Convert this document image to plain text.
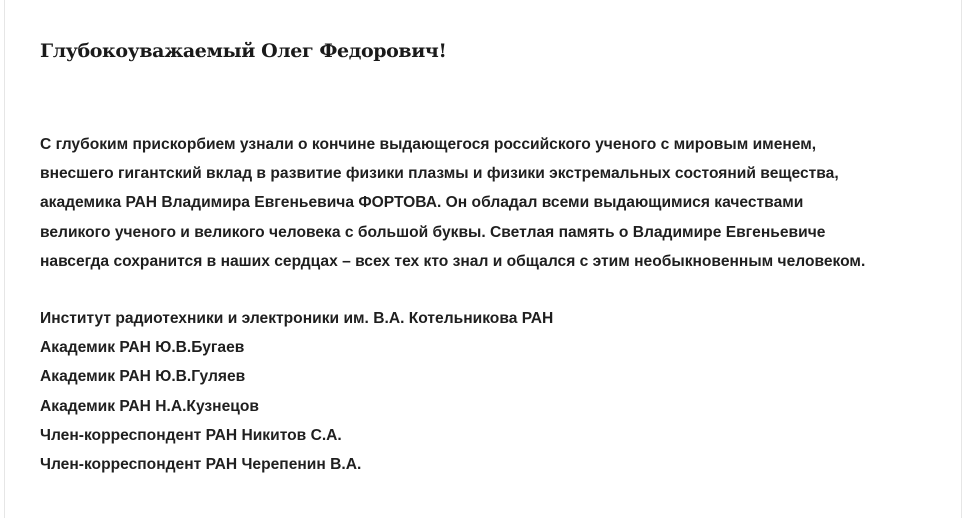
Глубокоуважаемый Олег Федорович!

С глубоким прискорбием узнали о кончине выдающегося российского ученого с мировым именем,
внесшего гигантский вклад в развитие физики плазмы и физики экстремальных состояний вещества,
академика РАН Владимира Евгеньевича ФОРТОВА. Он обладал всеми выдающимися качествами
великого ученого и великого человека с большой буквы. Светлая память о Владимире Евгеньевиче
навсегда сохранится в наших сердцах – всех тех кто знал и общался с этим необыкновенным человеком.

Институт радиотехники и электроники им. В.А. Котельникова РАН
Академик РАН Ю.В.Бугаев
Академик РАН Ю.В.Гуляев
Академик РАН Н.А.Кузнецов
Член-корреспондент РАН Никитов С.А.
Член-корреспондент РАН Черепенин В.А.
